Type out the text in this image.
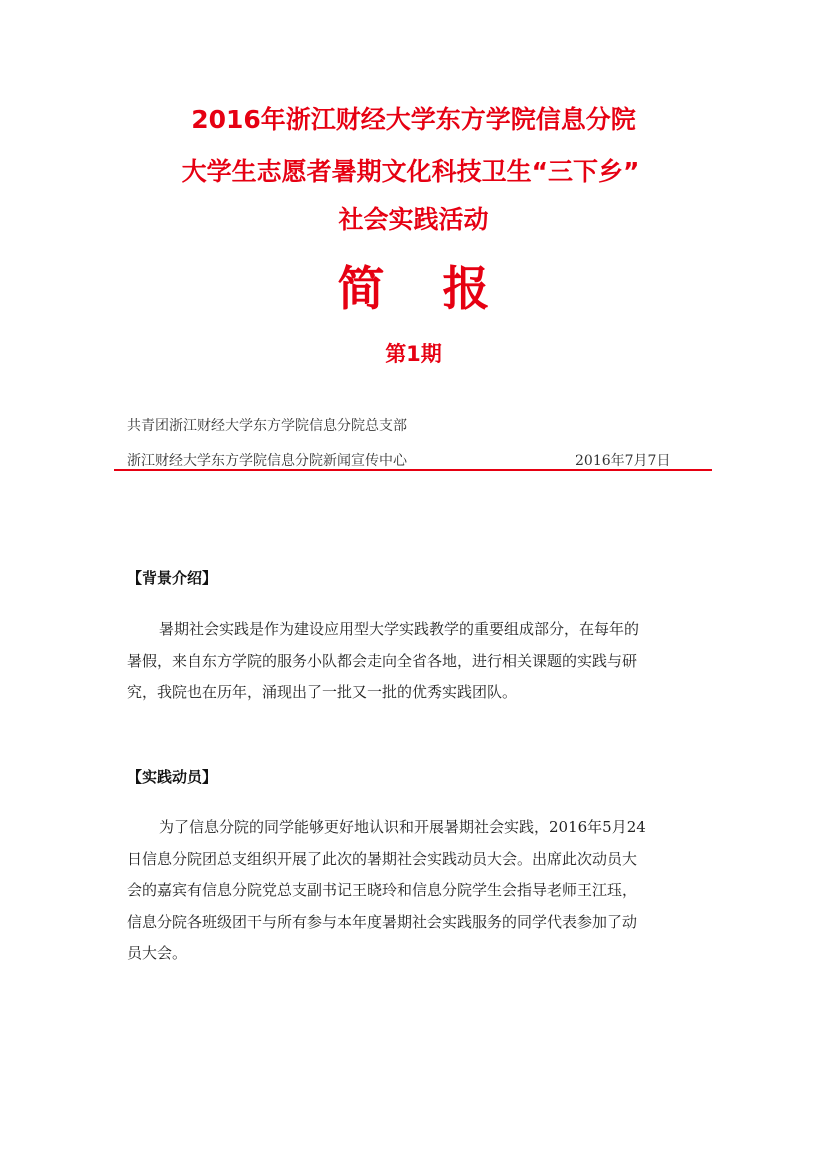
2016年浙江财经大学东方学院信息分院
大学生志愿者暑期文化科技卫生“三下乡”
社会实践活动
简报
第1期
共青团浙江财经大学东方学院信息分院总支部
浙江财经大学东方学院信息分院新闻宣传中心	2016年7月7日
【背景介绍】
暑期社会实践是作为建设应用型大学实践教学的重要组成部分，在每年的
暑假，来自东方学院的服务小队都会走向全省各地，进行相关课题的实践与研
究，我院也在历年，涌现出了一批又一批的优秀实践团队。
【实践动员】
为了信息分院的同学能够更好地认识和开展暑期社会实践，2016年5月24
日信息分院团总支组织开展了此次的暑期社会实践动员大会。出席此次动员大
会的嘉宾有信息分院党总支副书记王晓玲和信息分院学生会指导老师王江珏，
信息分院各班级团干与所有参与本年度暑期社会实践服务的同学代表参加了动
员大会。
